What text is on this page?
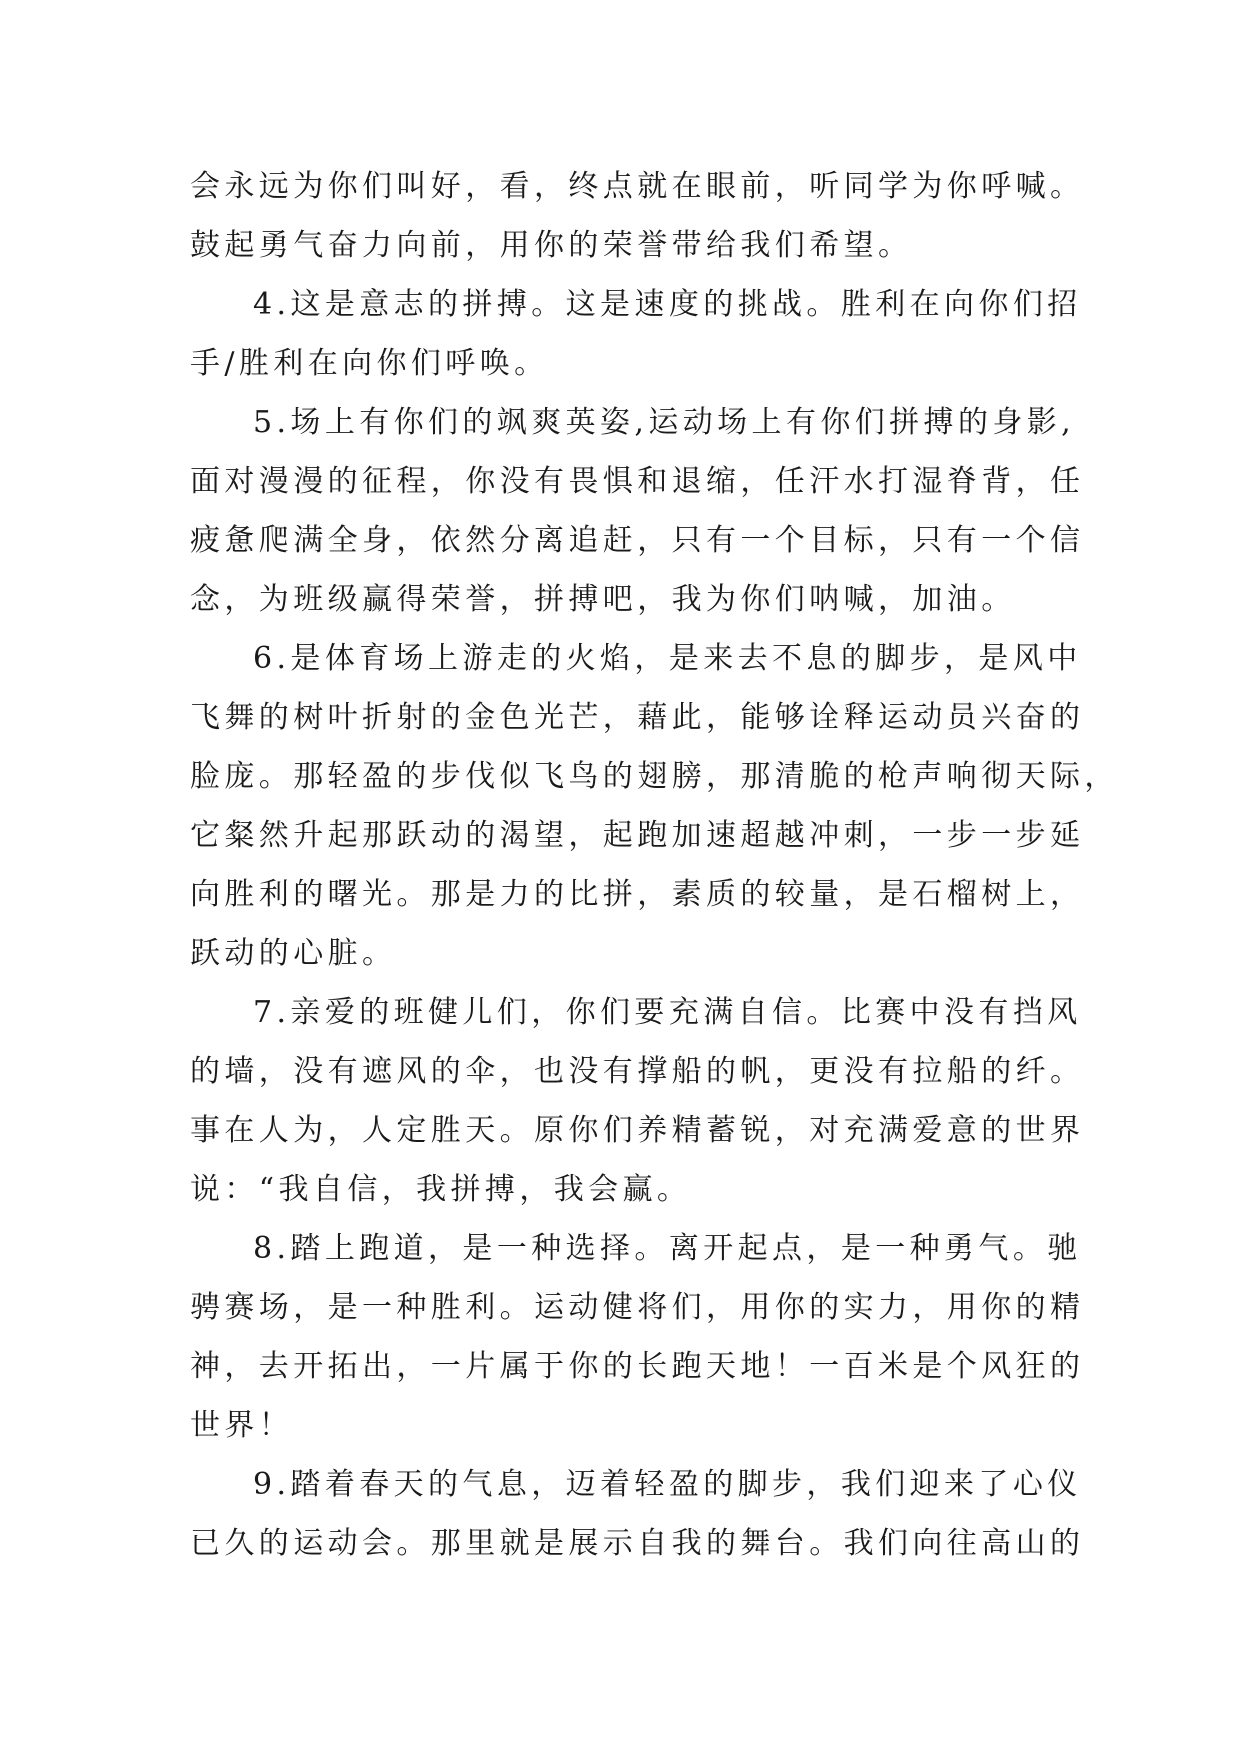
会永远为你们叫好，看，终点就在眼前，听同学为你呼喊。
鼓起勇气奋力向前，用你的荣誉带给我们希望。
4.这是意志的拼搏。这是速度的挑战。胜利在向你们招
手/胜利在向你们呼唤。
5.场上有你们的飒爽英姿,运动场上有你们拼搏的身影,
面对漫漫的征程，你没有畏惧和退缩，任汗水打湿脊背，任
疲惫爬满全身，依然分离追赶，只有一个目标，只有一个信
念，为班级赢得荣誉，拼搏吧，我为你们呐喊，加油。
6.是体育场上游走的火焰，是来去不息的脚步，是风中
飞舞的树叶折射的金色光芒，藉此，能够诠释运动员兴奋的
脸庞。那轻盈的步伐似飞鸟的翅膀，那清脆的枪声响彻天际，
它粲然升起那跃动的渴望，起跑加速超越冲刺，一步一步延
向胜利的曙光。那是力的比拼，素质的较量，是石榴树上，
跃动的心脏。
7.亲爱的班健儿们，你们要充满自信。比赛中没有挡风
的墙，没有遮风的伞，也没有撑船的帆，更没有拉船的纤。
事在人为，人定胜天。原你们养精蓄锐，对充满爱意的世界
说：“我自信，我拼搏，我会赢。
8.踏上跑道，是一种选择。离开起点，是一种勇气。驰
骋赛场，是一种胜利。运动健将们，用你的实力，用你的精
神，去开拓出，一片属于你的长跑天地！一百米是个风狂的
世界！
9.踏着春天的气息，迈着轻盈的脚步，我们迎来了心仪
已久的运动会。那里就是展示自我的舞台。我们向往高山的
